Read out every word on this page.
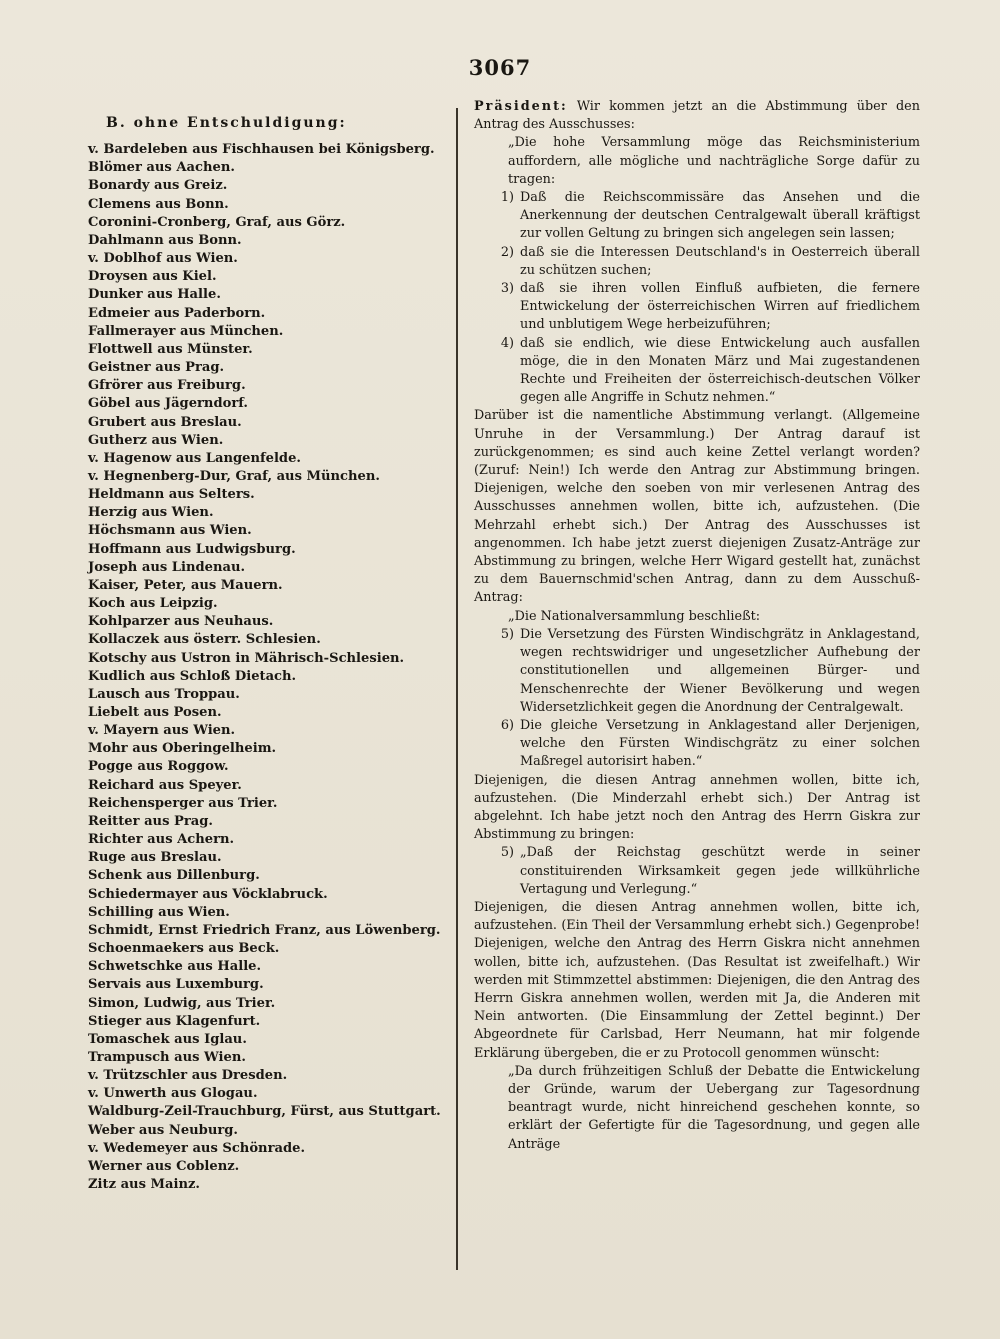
3067
B. ohne Entschuldigung:
v. Bardeleben aus Fischhausen bei Königsberg.
Blömer aus Aachen.
Bonardy aus Greiz.
Clemens aus Bonn.
Coronini-Cronberg, Graf, aus Görz.
Dahlmann aus Bonn.
v. Doblhof aus Wien.
Droysen aus Kiel.
Dunker aus Halle.
Edmeier aus Paderborn.
Fallmerayer aus München.
Flottwell aus Münster.
Geistner aus Prag.
Gfrörer aus Freiburg.
Göbel aus Jägerndorf.
Grubert aus Breslau.
Gutherz aus Wien.
v. Hagenow aus Langenfelde.
v. Hegnenberg-Dur, Graf, aus München.
Heldmann aus Selters.
Herzig aus Wien.
Höchsmann aus Wien.
Hoffmann aus Ludwigsburg.
Joseph aus Lindenau.
Kaiser, Peter, aus Mauern.
Koch aus Leipzig.
Kohlparzer aus Neuhaus.
Kollaczek aus österr. Schlesien.
Kotschy aus Ustron in Mährisch-Schlesien.
Kudlich aus Schloß Dietach.
Lausch aus Troppau.
Liebelt aus Posen.
v. Mayern aus Wien.
Mohr aus Oberingelheim.
Pogge aus Roggow.
Reichard aus Speyer.
Reichensperger aus Trier.
Reitter aus Prag.
Richter aus Achern.
Ruge aus Breslau.
Schenk aus Dillenburg.
Schiedermayer aus Vöcklabruck.
Schilling aus Wien.
Schmidt, Ernst Friedrich Franz, aus Löwenberg.
Schoenmaekers aus Beck.
Schwetschke aus Halle.
Servais aus Luxemburg.
Simon, Ludwig, aus Trier.
Stieger aus Klagenfurt.
Tomaschek aus Iglau.
Trampusch aus Wien.
v. Trützschler aus Dresden.
v. Unwerth aus Glogau.
Waldburg-Zeil-Trauchburg, Fürst, aus Stuttgart.
Weber aus Neuburg.
v. Wedemeyer aus Schönrade.
Werner aus Coblenz.
Zitz aus Mainz.

Präsident: Wir kommen jetzt an die Abstimmung über den Antrag des Ausschusses:

„Die hohe Versammlung möge das Reichsministerium auffordern, alle mögliche und nachträgliche Sorge dafür zu tragen:

1) Daß die Reichscommissäre das Ansehen und die Anerkennung der deutschen Centralgewalt überall kräftigst zur vollen Geltung zu bringen sich angelegen sein lassen;
2) daß sie die Interessen Deutschland's in Oesterreich überall zu schützen suchen;
3) daß sie ihren vollen Einfluß aufbieten, die fernere Entwickelung der österreichischen Wirren auf friedlichem und unblutigem Wege herbeizuführen;
4) daß sie endlich, wie diese Entwickelung auch ausfallen möge, die in den Monaten März und Mai zugestandenen Rechte und Freiheiten der österreichisch-deutschen Völker gegen alle Angriffe in Schutz nehmen.“

Darüber ist die namentliche Abstimmung verlangt. (Allgemeine Unruhe in der Versammlung.) Der Antrag darauf ist zurückgenommen; es sind auch keine Zettel verlangt worden? (Zuruf: Nein!) Ich werde den Antrag zur Abstimmung bringen. Diejenigen, welche den soeben von mir verlesenen Antrag des Ausschusses annehmen wollen, bitte ich, aufzustehen. (Die Mehrzahl erhebt sich.) Der Antrag des Ausschusses ist angenommen. Ich habe jetzt zuerst diejenigen Zusatz-Anträge zur Abstimmung zu bringen, welche Herr Wigard gestellt hat, zunächst zu dem Bauernschmid'schen Antrag, dann zu dem Ausschuß-Antrag:

„Die Nationalversammlung beschließt:

5) Die Versetzung des Fürsten Windischgrätz in Anklagestand, wegen rechtswidriger und ungesetzlicher Aufhebung der constitutionellen und allgemeinen Bürger- und Menschenrechte der Wiener Bevölkerung und wegen Widersetzlichkeit gegen die Anordnung der Centralgewalt.
6) Die gleiche Versetzung in Anklagestand aller Derjenigen, welche den Fürsten Windischgrätz zu einer solchen Maßregel autorisirt haben.“

Diejenigen, die diesen Antrag annehmen wollen, bitte ich, aufzustehen. (Die Minderzahl erhebt sich.) Der Antrag ist abgelehnt. Ich habe jetzt noch den Antrag des Herrn Giskra zur Abstimmung zu bringen:

5) „Daß der Reichstag geschützt werde in seiner constituirenden Wirksamkeit gegen jede willkührliche Vertagung und Verlegung.“

Diejenigen, die diesen Antrag annehmen wollen, bitte ich, aufzustehen. (Ein Theil der Versammlung erhebt sich.) Gegenprobe! Diejenigen, welche den Antrag des Herrn Giskra nicht annehmen wollen, bitte ich, aufzustehen. (Das Resultat ist zweifelhaft.) Wir werden mit Stimmzettel abstimmen: Diejenigen, die den Antrag des Herrn Giskra annehmen wollen, werden mit Ja, die Anderen mit Nein antworten. (Die Einsammlung der Zettel beginnt.) Der Abgeordnete für Carlsbad, Herr Neumann, hat mir folgende Erklärung übergeben, die er zu Protocoll genommen wünscht:

„Da durch frühzeitigen Schluß der Debatte die Entwickelung der Gründe, warum der Uebergang zur Tagesordnung beantragt wurde, nicht hinreichend geschehen konnte, so erklärt der Gefertigte für die Tagesordnung, und gegen alle Anträge
